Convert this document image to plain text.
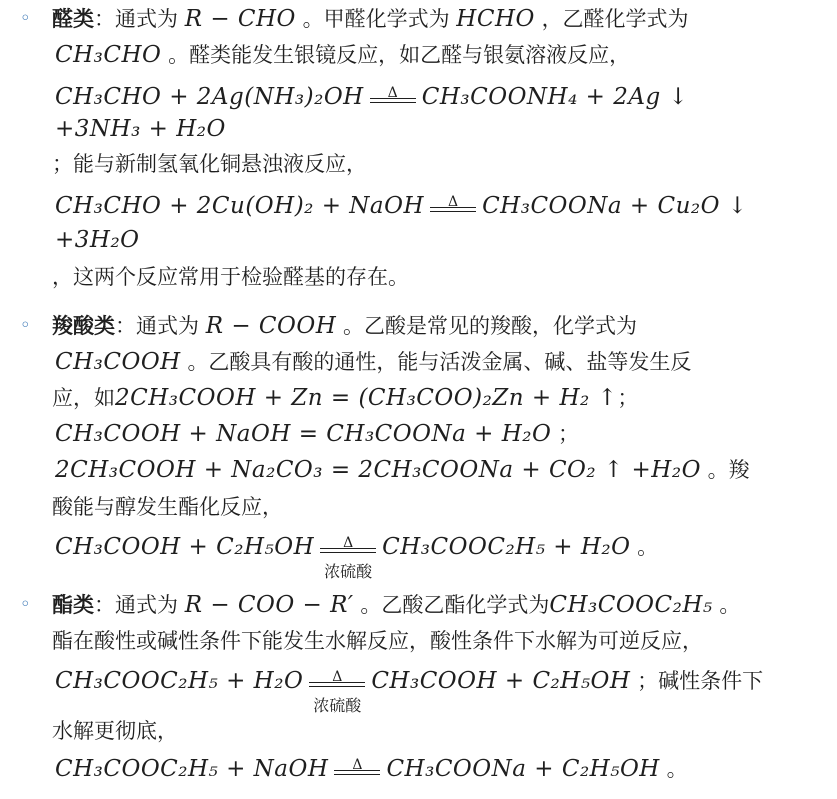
◦ 醛类：通式为 R − CHO 。甲醛化学式为 HCHO ，乙醛化学式为
CH₃CHO 。醛类能发生银镜反应，如乙醛与银氨溶液反应，
CH₃CHO + 2Ag(NH₃)₂OH	Δ	CH₃COONH₄ + 2Ag ↓
+3NH₃ + H₂O
；能与新制氢氧化铜悬浊液反应，
CH₃CHO + 2Cu(OH)₂ + NaOH	Δ	CH₃COONa + Cu₂O ↓
+3H₂O
，这两个反应常用于检验醛基的存在。
◦ 羧酸类：通式为 R − COOH 。乙酸是常见的羧酸，化学式为
CH₃COOH 。乙酸具有酸的通性，能与活泼金属、碱、盐等发生反
应，如2CH₃COOH + Zn = (CH₃COO)₂Zn + H₂ ↑；
CH₃COOH + NaOH = CH₃COONa + H₂O ；
2CH₃COOH + Na₂CO₃ = 2CH₃COONa + CO₂ ↑ +H₂O 。羧
酸能与醇发生酯化反应，
CH₃COOH + C₂H₅OH	Δ
浓硫酸
CH₃COOC₂H₅ + H₂O 。
◦ 酯类：通式为 R − COO − R′ 。乙酸乙酯化学式为CH₃COOC₂H₅ 。
酯在酸性或碱性条件下能发生水解反应，酸性条件下水解为可逆反应，
CH₃COOC₂H₅ + H₂O	Δ
浓硫酸
CH₃COOH + C₂H₅OH ；碱性条件下
水解更彻底，
CH₃COOC₂H₅ + NaOH	Δ	CH₃COONa + C₂H₅OH 。
